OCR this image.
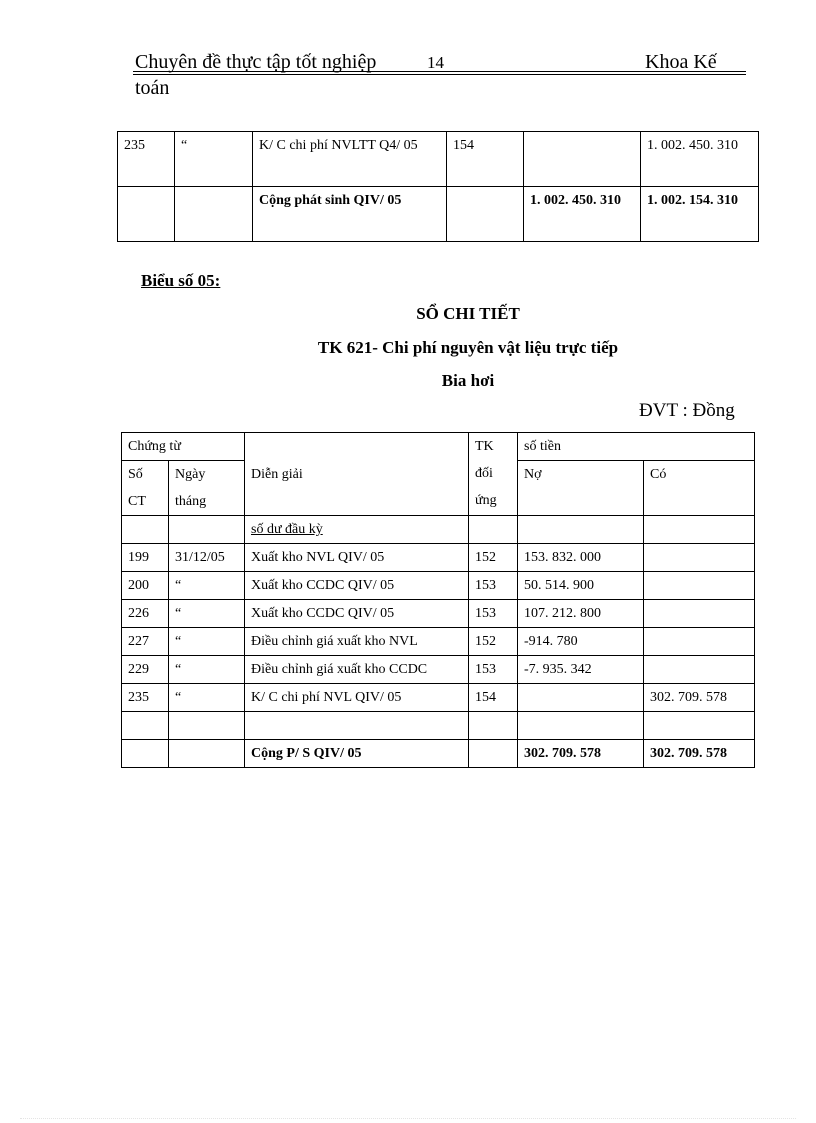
Chuyên đề thực tập tốt nghiệp	14	Khoa Kế
toán
235	“	K/ C chi phí NVLTT Q4/ 05	154		1. 002. 450. 310
		Cộng phát sinh QIV/ 05		1. 002. 450. 310	1. 002. 154. 310
Biểu số 05:
SỔ CHI TIẾT
TK 621- Chi phí nguyên vật liệu trực tiếp
Bia hơi
ĐVT : Đồng
Chứng từ		Diễn giải	TK đối ứng	số tiền	
Số CT	Ngày tháng			Nợ	Có
		số dư đầu kỳ			
199	31/12/05	Xuất kho NVL QIV/ 05	152	153. 832. 000	
200	“	Xuất kho CCDC QIV/ 05	153	50. 514. 900	
226	“	Xuất kho CCDC QIV/ 05	153	107. 212. 800	
227	“	Điều chỉnh giá xuất kho NVL	152	-914. 780	
229	“	Điều chỉnh giá xuất kho CCDC	153	-7. 935. 342	
235	“	K/ C chi phí NVL QIV/ 05	154		302. 709. 578

		Cộng P/ S QIV/ 05		302. 709. 578	302. 709. 578
